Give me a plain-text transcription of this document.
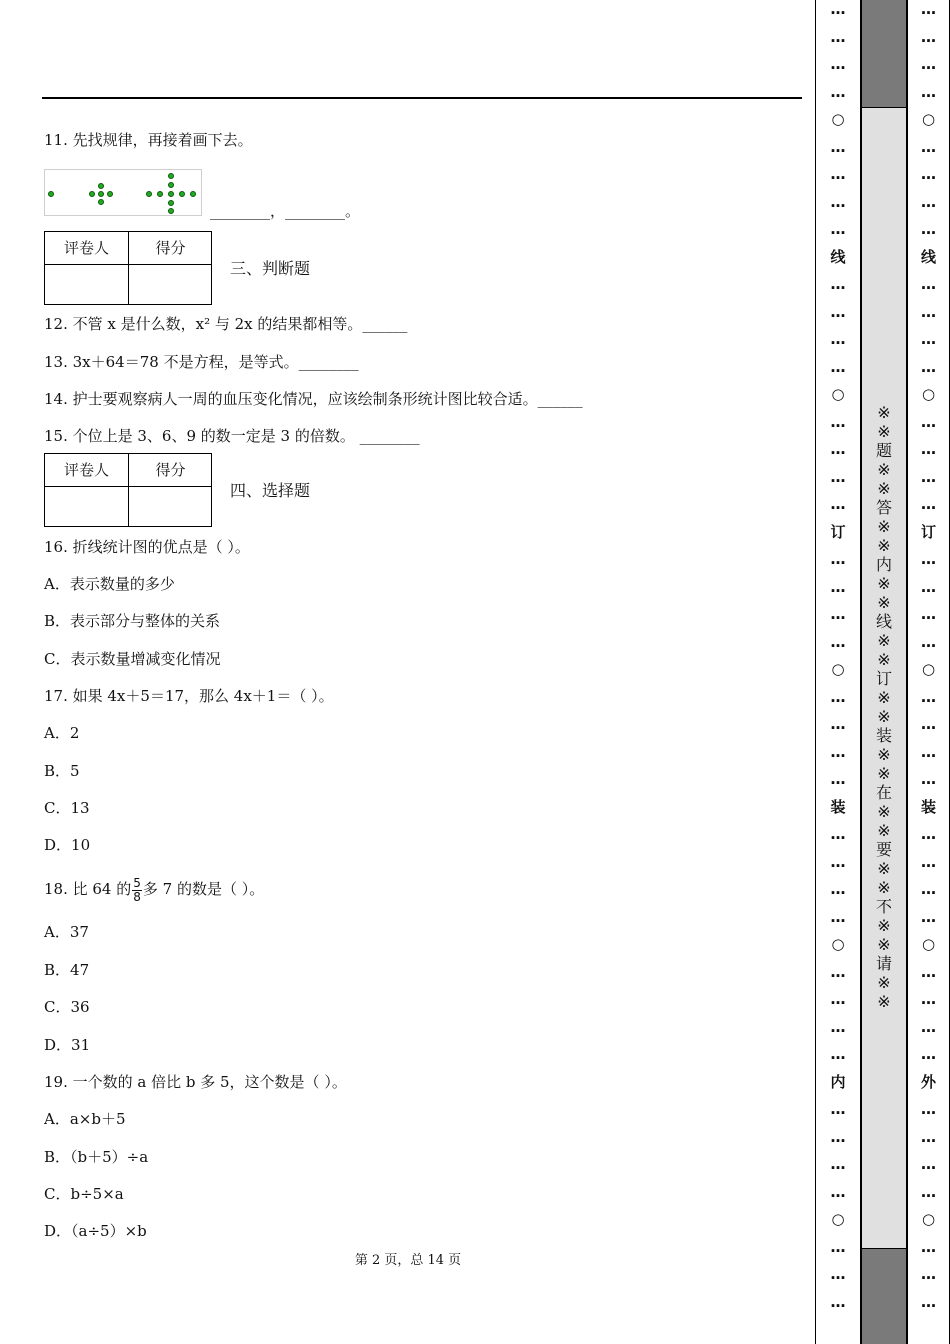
11. 先找规律，再接着画下去。
________，________。
评卷人	得分
三、判断题
12. 不管 x 是什么数，x² 与 2x 的结果都相等。______
13. 3x＋64＝78 不是方程，是等式。________
14. 护士要观察病人一周的血压变化情况，应该绘制条形统计图比较合适。______
15. 个位上是 3、6、9 的数一定是 3 的倍数。 ________
评卷人	得分
四、选择题
16. 折线统计图的优点是（ ）。
A．表示数量的多少
B．表示部分与整体的关系
C．表示数量增减变化情况
17. 如果 4x＋5＝17，那么 4x＋1＝（ ）。
A．2
B．5
C．13
D．10
18. 比 64 的 $\frac{5}{8}$ 多 7 的数是（ ）。
A．37
B．47
C．36
D．31
19. 一个数的 a 倍比 b 多 5，这个数是（ ）。
A．a×b＋5
B．（b＋5）÷a
C．b÷5×a
D．（a÷5）×b
第 2 页，总 14 页
…
…
…
…
○
…
…
…
…
线
…
…
…
…
○
…
…
…
…
订
…
…
…
…
○
…
…
…
…
装
…
…
…
…
○
…
…
…
…
内
…
…
…
…
○
…
…
…
※
※
题
※
※
答
※
※
内
※
※
线
※
※
订
※
※
装
※
※
在
※
※
要
※
※
不
※
※
请
※
※
…
…
…
…
○
…
…
…
…
线
…
…
…
…
○
…
…
…
…
订
…
…
…
…
○
…
…
…
…
装
…
…
…
…
○
…
…
…
…
外
…
…
…
…
○
…
…
…
